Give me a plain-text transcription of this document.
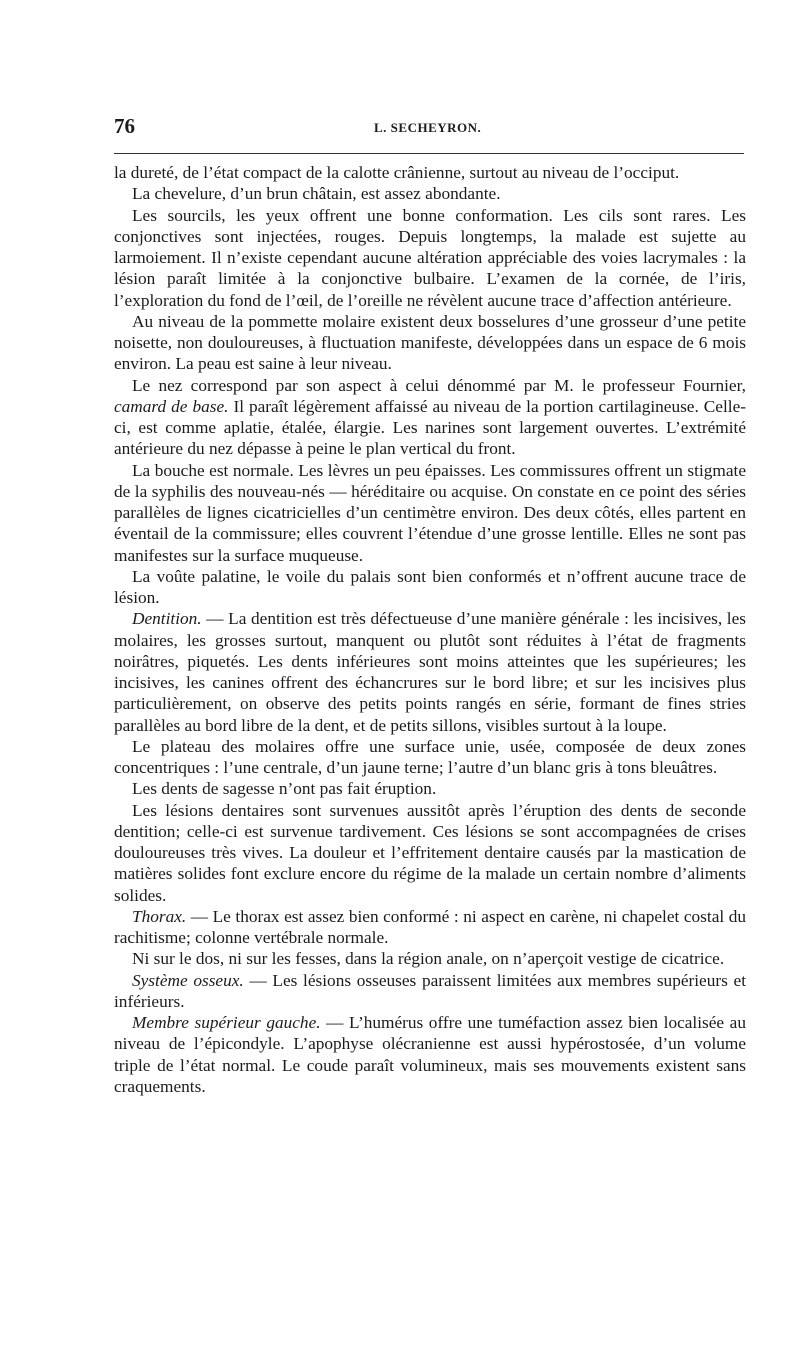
76	L. SECHEYRON.

la dureté, de l’état compact de la calotte crânienne, surtout au niveau de l’occiput.

La chevelure, d’un brun châtain, est assez abondante.

Les sourcils, les yeux offrent une bonne conformation. Les cils sont rares. Les conjonctives sont injectées, rouges. Depuis longtemps, la malade est sujette au larmoiement. Il n’existe cependant aucune altération appréciable des voies lacrymales : la lésion paraît limitée à la conjonctive bulbaire. L’examen de la cornée, de l’iris, l’exploration du fond de l’œil, de l’oreille ne révèlent aucune trace d’affection antérieure.

Au niveau de la pommette molaire existent deux bosselures d’une grosseur d’une petite noisette, non douloureuses, à fluctuation manifeste, développées dans un espace de 6 mois environ. La peau est saine à leur niveau.

Le nez correspond par son aspect à celui dénommé par M. le professeur Fournier, camard de base. Il paraît légèrement affaissé au niveau de la portion cartilagineuse. Celle-ci, est comme aplatie, étalée, élargie. Les narines sont largement ouvertes. L’extrémité antérieure du nez dépasse à peine le plan vertical du front.

La bouche est normale. Les lèvres un peu épaisses. Les commissures offrent un stigmate de la syphilis des nouveau-nés — héréditaire ou acquise. On constate en ce point des séries parallèles de lignes cicatricielles d’un centimètre environ. Des deux côtés, elles partent en éventail de la commissure; elles couvrent l’étendue d’une grosse lentille. Elles ne sont pas manifestes sur la surface muqueuse.

La voûte palatine, le voile du palais sont bien conformés et n’offrent aucune trace de lésion.

Dentition. — La dentition est très défectueuse d’une manière générale : les incisives, les molaires, les grosses surtout, manquent ou plutôt sont réduites à l’état de fragments noirâtres, piquetés. Les dents inférieures sont moins atteintes que les supérieures; les incisives, les canines offrent des échancrures sur le bord libre; et sur les incisives plus particulièrement, on observe des petits points rangés en série, formant de fines stries parallèles au bord libre de la dent, et de petits sillons, visibles surtout à la loupe.

Le plateau des molaires offre une surface unie, usée, composée de deux zones concentriques : l’une centrale, d’un jaune terne; l’autre d’un blanc gris à tons bleuâtres.

Les dents de sagesse n’ont pas fait éruption.

Les lésions dentaires sont survenues aussitôt après l’éruption des dents de seconde dentition; celle-ci est survenue tardivement. Ces lésions se sont accompagnées de crises douloureuses très vives. La douleur et l’effritement dentaire causés par la mastication de matières solides font exclure encore du régime de la malade un certain nombre d’aliments solides.

Thorax. — Le thorax est assez bien conformé : ni aspect en carène, ni chapelet costal du rachitisme; colonne vertébrale normale.

Ni sur le dos, ni sur les fesses, dans la région anale, on n’aperçoit vestige de cicatrice.

Système osseux. — Les lésions osseuses paraissent limitées aux membres supérieurs et inférieurs.

Membre supérieur gauche. — L’humérus offre une tuméfaction assez bien localisée au niveau de l’épicondyle. L’apophyse olécranienne est aussi hypérostosée, d’un volume triple de l’état normal. Le coude paraît volumineux, mais ses mouvements existent sans craquements.
